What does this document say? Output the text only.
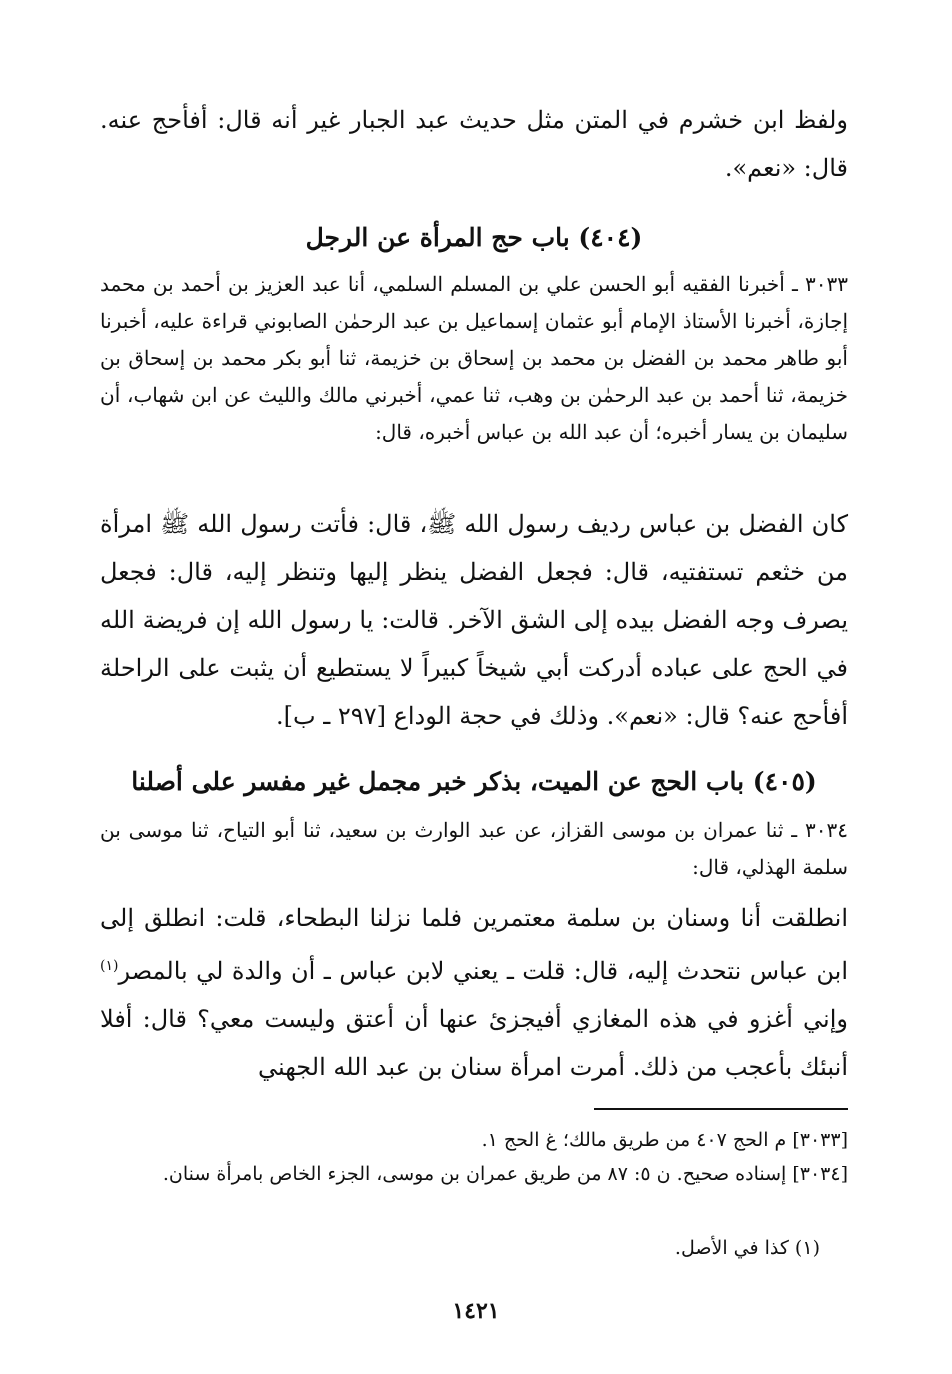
ولفظ ابن خشرم في المتن مثل حديث عبد الجبار غير أنه قال: أفأحج عنه. قال: «نعم».

(٤٠٤) باب حج المرأة عن الرجل

٣٠٣٣ ـ أخبرنا الفقيه أبو الحسن علي بن المسلم السلمي، أنا عبد العزيز بن أحمد بن محمد إجازة، أخبرنا الأستاذ الإمام أبو عثمان إسماعيل بن عبد الرحمٰن الصابوني قراءة عليه، أخبرنا أبو طاهر محمد بن الفضل بن محمد بن إسحاق بن خزيمة، ثنا أبو بكر محمد بن إسحاق بن خزيمة، ثنا أحمد بن عبد الرحمٰن بن وهب، ثنا عمي، أخبرني مالك والليث عن ابن شهاب، أن سليمان بن يسار أخبره؛ أن عبد الله بن عباس أخبره، قال:

كان الفضل بن عباس رديف رسول الله ﷺ، قال: فأتت رسول الله ﷺ امرأة من خثعم تستفتيه، قال: فجعل الفضل ينظر إليها وتنظر إليه، قال: فجعل يصرف وجه الفضل بيده إلى الشق الآخر. قالت: يا رسول الله إن فريضة الله في الحج على عباده أدركت أبي شيخاً كبيراً لا يستطيع أن يثبت على الراحلة أفأحج عنه؟ قال: «نعم». وذلك في حجة الوداع [٢٩٧ ـ ب].

(٤٠٥) باب الحج عن الميت، بذكر خبر مجمل غير مفسر على أصلنا

٣٠٣٤ ـ ثنا عمران بن موسى القزاز، عن عبد الوارث بن سعيد، ثنا أبو التياح، ثنا موسى بن سلمة الهذلي، قال:

انطلقت أنا وسنان بن سلمة معتمرين فلما نزلنا البطحاء، قلت: انطلق إلى ابن عباس نتحدث إليه، قال: قلت ـ يعني لابن عباس ـ أن والدة لي بالمصر$^{(١)}$ وإني أغزو في هذه المغازي أفيجزئ عنها أن أعتق وليست معي؟ قال: أفلا أنبئك بأعجب من ذلك. أمرت امرأة سنان بن عبد الله الجهني

[٣٠٣٣] م الحج ٤٠٧ من طريق مالك؛ غ الحج ١.
[٣٠٣٤] إسناده صحيح. ن ٥: ٨٧ من طريق عمران بن موسى، الجزء الخاص بامرأة سنان.
(١) كذا في الأصل.
١٤٢١
